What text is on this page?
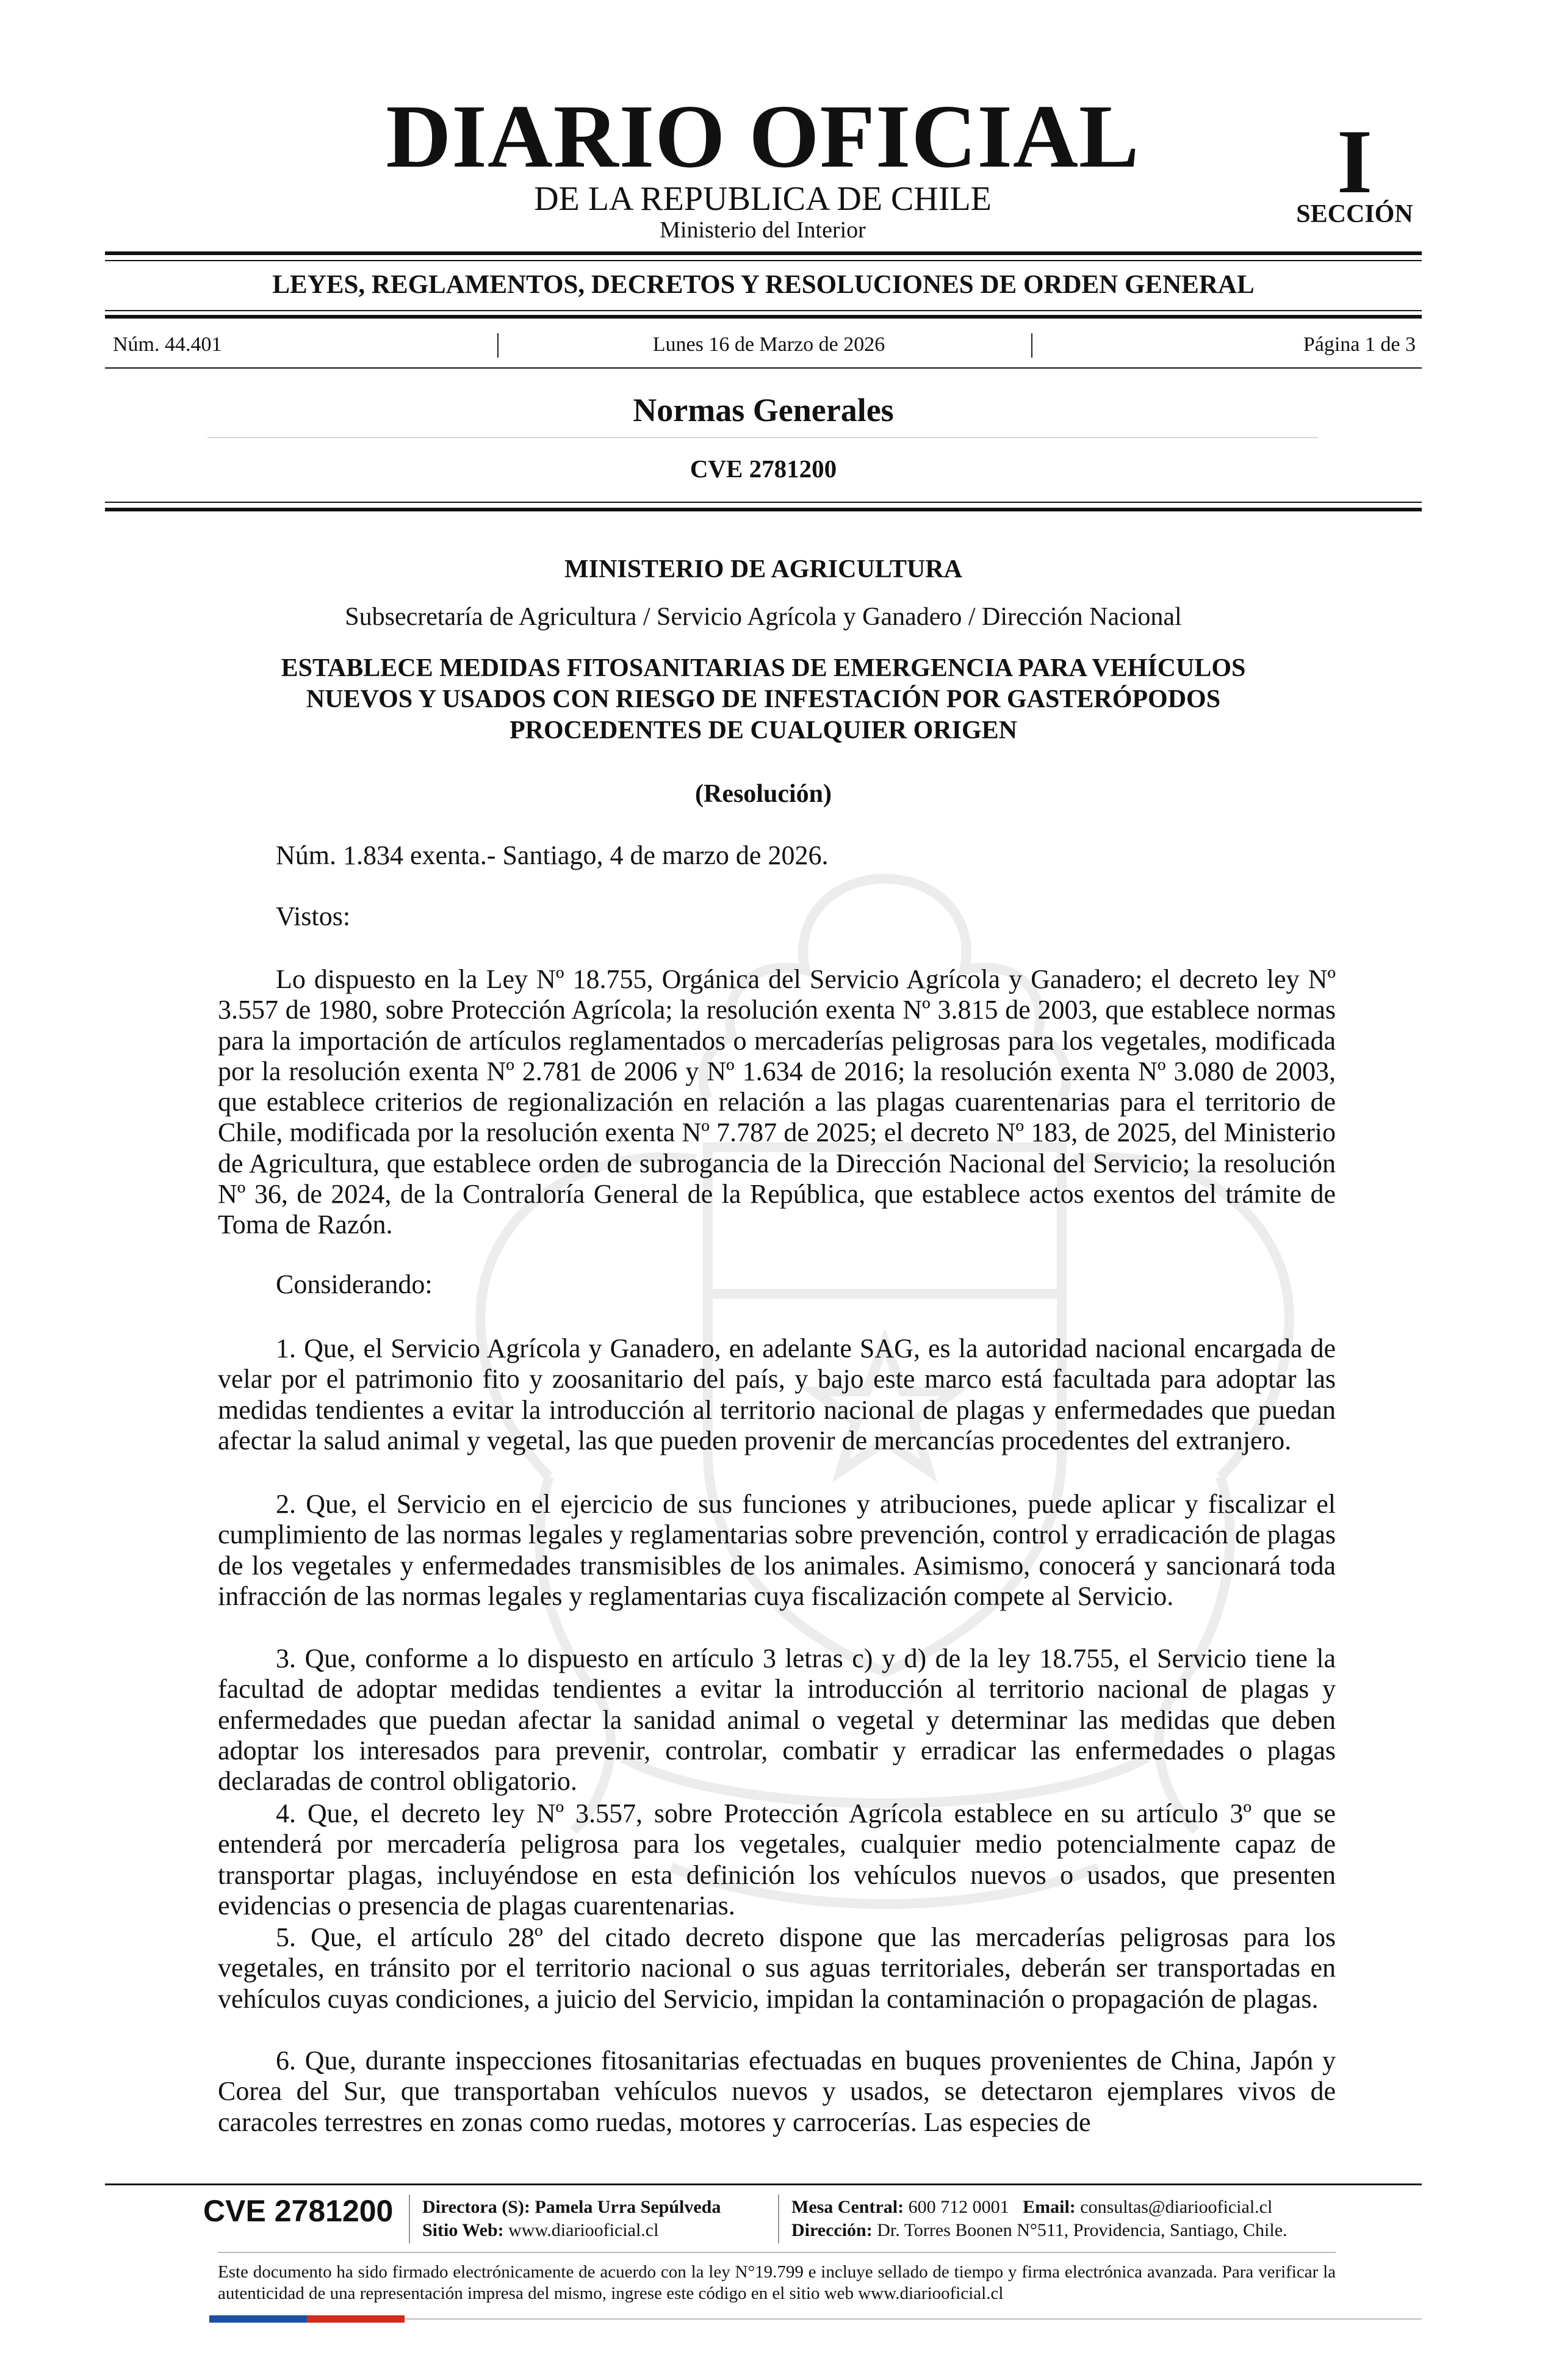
DIARIO OFICIAL
DE LA REPUBLICA DE CHILE
Ministerio del Interior
I
SECCIÓN
LEYES, REGLAMENTOS, DECRETOS Y RESOLUCIONES DE ORDEN GENERAL
Núm. 44.401	Lunes 16 de Marzo de 2026	Página 1 de 3
Normas Generales
CVE 2781200
MINISTERIO DE AGRICULTURA
Subsecretaría de Agricultura / Servicio Agrícola y Ganadero / Dirección Nacional
ESTABLECE MEDIDAS FITOSANITARIAS DE EMERGENCIA PARA VEHÍCULOS
NUEVOS Y USADOS CON RIESGO DE INFESTACIÓN POR GASTERÓPODOS
PROCEDENTES DE CUALQUIER ORIGEN
(Resolución)
Núm. 1.834 exenta.- Santiago, 4 de marzo de 2026.
Vistos:

Lo dispuesto en la Ley Nº 18.755, Orgánica del Servicio Agrícola y Ganadero; el decreto ley Nº 3.557 de 1980, sobre Protección Agrícola; la resolución exenta Nº 3.815 de 2003, que establece normas para la importación de artículos reglamentados o mercaderías peligrosas para los vegetales, modificada por la resolución exenta Nº 2.781 de 2006 y Nº 1.634 de 2016; la resolución exenta Nº 3.080 de 2003, que establece criterios de regionalización en relación a las plagas cuarentenarias para el territorio de Chile, modificada por la resolución exenta Nº 7.787 de 2025; el decreto Nº 183, de 2025, del Ministerio de Agricultura, que establece orden de subrogancia de la Dirección Nacional del Servicio; la resolución Nº 36, de 2024, de la Contraloría General de la República, que establece actos exentos del trámite de Toma de Razón.

Considerando:

1. Que, el Servicio Agrícola y Ganadero, en adelante SAG, es la autoridad nacional encargada de velar por el patrimonio fito y zoosanitario del país, y bajo este marco está facultada para adoptar las medidas tendientes a evitar la introducción al territorio nacional de plagas y enfermedades que puedan afectar la salud animal y vegetal, las que pueden provenir de mercancías procedentes del extranjero.

2. Que, el Servicio en el ejercicio de sus funciones y atribuciones, puede aplicar y fiscalizar el cumplimiento de las normas legales y reglamentarias sobre prevención, control y erradicación de plagas de los vegetales y enfermedades transmisibles de los animales. Asimismo, conocerá y sancionará toda infracción de las normas legales y reglamentarias cuya fiscalización compete al Servicio.

3. Que, conforme a lo dispuesto en artículo 3 letras c) y d) de la ley 18.755, el Servicio tiene la facultad de adoptar medidas tendientes a evitar la introducción al territorio nacional de plagas y enfermedades que puedan afectar la sanidad animal o vegetal y determinar las medidas que deben adoptar los interesados para prevenir, controlar, combatir y erradicar las enfermedades o plagas declaradas de control obligatorio.

4. Que, el decreto ley Nº 3.557, sobre Protección Agrícola establece en su artículo 3º que se entenderá por mercadería peligrosa para los vegetales, cualquier medio potencialmente capaz de transportar plagas, incluyéndose en esta definición los vehículos nuevos o usados, que presenten evidencias o presencia de plagas cuarentenarias.

5. Que, el artículo 28º del citado decreto dispone que las mercaderías peligrosas para los vegetales, en tránsito por el territorio nacional o sus aguas territoriales, deberán ser transportadas en vehículos cuyas condiciones, a juicio del Servicio, impidan la contaminación o propagación de plagas.

6. Que, durante inspecciones fitosanitarias efectuadas en buques provenientes de China, Japón y Corea del Sur, que transportaban vehículos nuevos y usados, se detectaron ejemplares vivos de caracoles terrestres en zonas como ruedas, motores y carrocerías. Las especies de

CVE 2781200 Directora (S): Pamela Urra Sepúlveda
Sitio Web: www.diariooficial.cl
Mesa Central: 600 712 0001 Email: consultas@diariooficial.cl
Dirección: Dr. Torres Boonen N°511, Providencia, Santiago, Chile.
Este documento ha sido firmado electrónicamente de acuerdo con la ley N°19.799 e incluye sellado de tiempo y firma electrónica avanzada. Para verificar la autenticidad de una representación impresa del mismo, ingrese este código en el sitio web www.diariooficial.cl
